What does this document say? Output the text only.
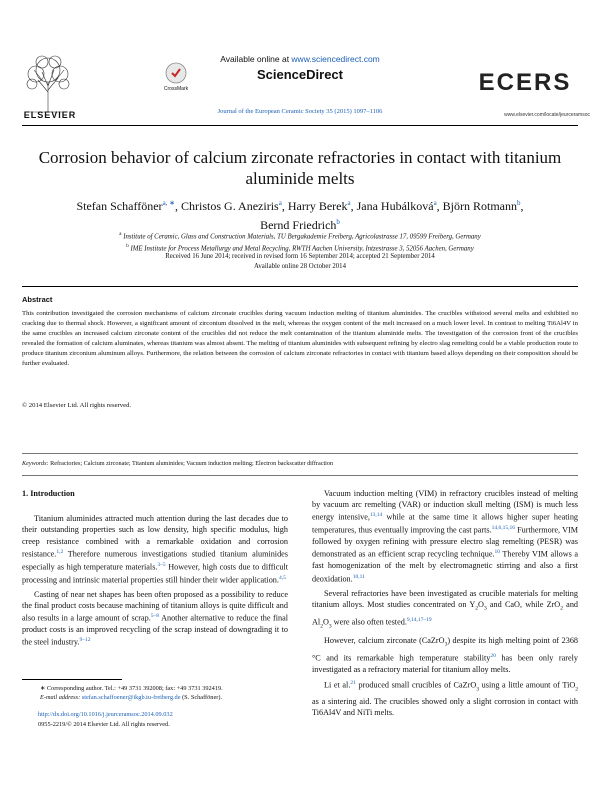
ELSEVIER
Available online at www.sciencedirect.com
CrossMark
ScienceDirect
Journal of the European Ceramic Society 35 (2015) 1097–1106
ECERS
www.elsevier.com/locate/jeurceramsoc
Corrosion behavior of calcium zirconate refractories in contact with titanium aluminide melts
Stefan Schafföner$^{a, ∗}$, Christos G. Aneziris$^a$, Harry Berek$^a$, Jana Hubálková$^a$, Björn Rotmann$^b$,
Bernd Friedrich$^b$
$^a$ Institute of Ceramic, Glass and Construction Materials, TU Bergakademie Freiberg, Agricolastrasse 17, 09599 Freiberg, Germany
$^b$ IME Institute for Process Metallurgy and Metal Recycling, RWTH Aachen University, Intzestrasse 3, 52056 Aachen, Germany
Received 16 June 2014; received in revised form 16 September 2014; accepted 21 September 2014
Available online 28 October 2014
Abstract
This contribution investigated the corrosion mechanisms of calcium zirconate crucibles during vacuum induction melting of titanium aluminides. The crucibles withstood several melts and exhibited no cracking due to thermal shock. However, a significant amount of zirconium dissolved in the melt, whereas the oxygen content of the melt increased on a much lower level. In contrast to melting Ti6Al4V in the same crucibles an increased calcium zirconate content of the crucibles did not reduce the melt contamination of the titanium aluminide melts. The investigation of the corrosion front of the crucibles revealed the formation of calcium aluminates, whereas titanium was almost absent. The melting of titanium aluminides with subsequent refining by electro slag remelting could be a viable production route to produce titanium zirconium aluminum alloys. Furthermore, the relation between the corrosion of calcium zirconate refractories in contact with titanium based alloys depending on their composition should be further evaluated.
© 2014 Elsevier Ltd. All rights reserved.
Keywords: Refractories; Calcium zirconate; Titanium aluminides; Vacuum induction melting; Electron backscatter diffraction
1. Introduction

Titanium aluminides attracted much attention during the last decades due to their outstanding properties such as low density, high specific modulus, high creep resistance combined with a remarkable oxidation and corrosion resistance.$^{1,2}$ Therefore numerous investigations studied titanium aluminides especially as high temperature materials.$^{3-5}$ However, high costs due to difficult processing and intrinsic material properties still hinder their wider application.$^{4,5}$

Casting of near net shapes has been often proposed as a possibility to reduce the final product costs because machining of titanium alloys is quite difficult and also results in a large amount of scrap.$^{5-8}$ Another alternative to reduce the final product costs is an improved recycling of the scrap instead of downgrading it to the steel industry.$^{9-12}$

Vacuum induction melting (VIM) in refractory crucibles instead of melting by vacuum arc remelting (VAR) or induction skull melting (ISM) is much less energy intensive,$^{13,14}$ while at the same time it allows higher super heating temperatures, thus eventually improving the cast parts.$^{14,6,15,16}$ Furthermore, VIM followed by oxygen refining with pressure electro slag remelting (PESR) was demonstrated as an efficient scrap recycling technique.$^{10}$ Thereby VIM allows a fast homogenization of the melt by electromagnetic stirring and also a first deoxidation.$^{10,11}$

Several refractories have been investigated as crucible materials for melting titanium alloys. Most studies concentrated on $Y_2O_3$ and CaO, while ZrO$_2$ and $Al_2O_3$ were also often tested.$^{9,14,17-19}$

However, calcium zirconate (CaZrO$_3$) despite its high melting point of 2368 °C and its remarkable high temperature stability$^{20}$ has been only rarely investigated as a refractory material for titanium alloy melts.

Li et al.$^{21}$ produced small crucibles of CaZrO$_3$ using a little amount of TiO$_2$ as a sintering aid. The crucibles showed only a slight corrosion in contact with Ti6Al4V and NiTi melts.

∗ Corresponding author. Tel.: +49 3731 392008; fax: +49 3731 392419.
E-mail address: stefan.schaffoener@ikgb.tu-freiberg.de (S. Schafföner).
http://dx.doi.org/10.1016/j.jeurceramsoc.2014.09.032
0955-2219/© 2014 Elsevier Ltd. All rights reserved.
